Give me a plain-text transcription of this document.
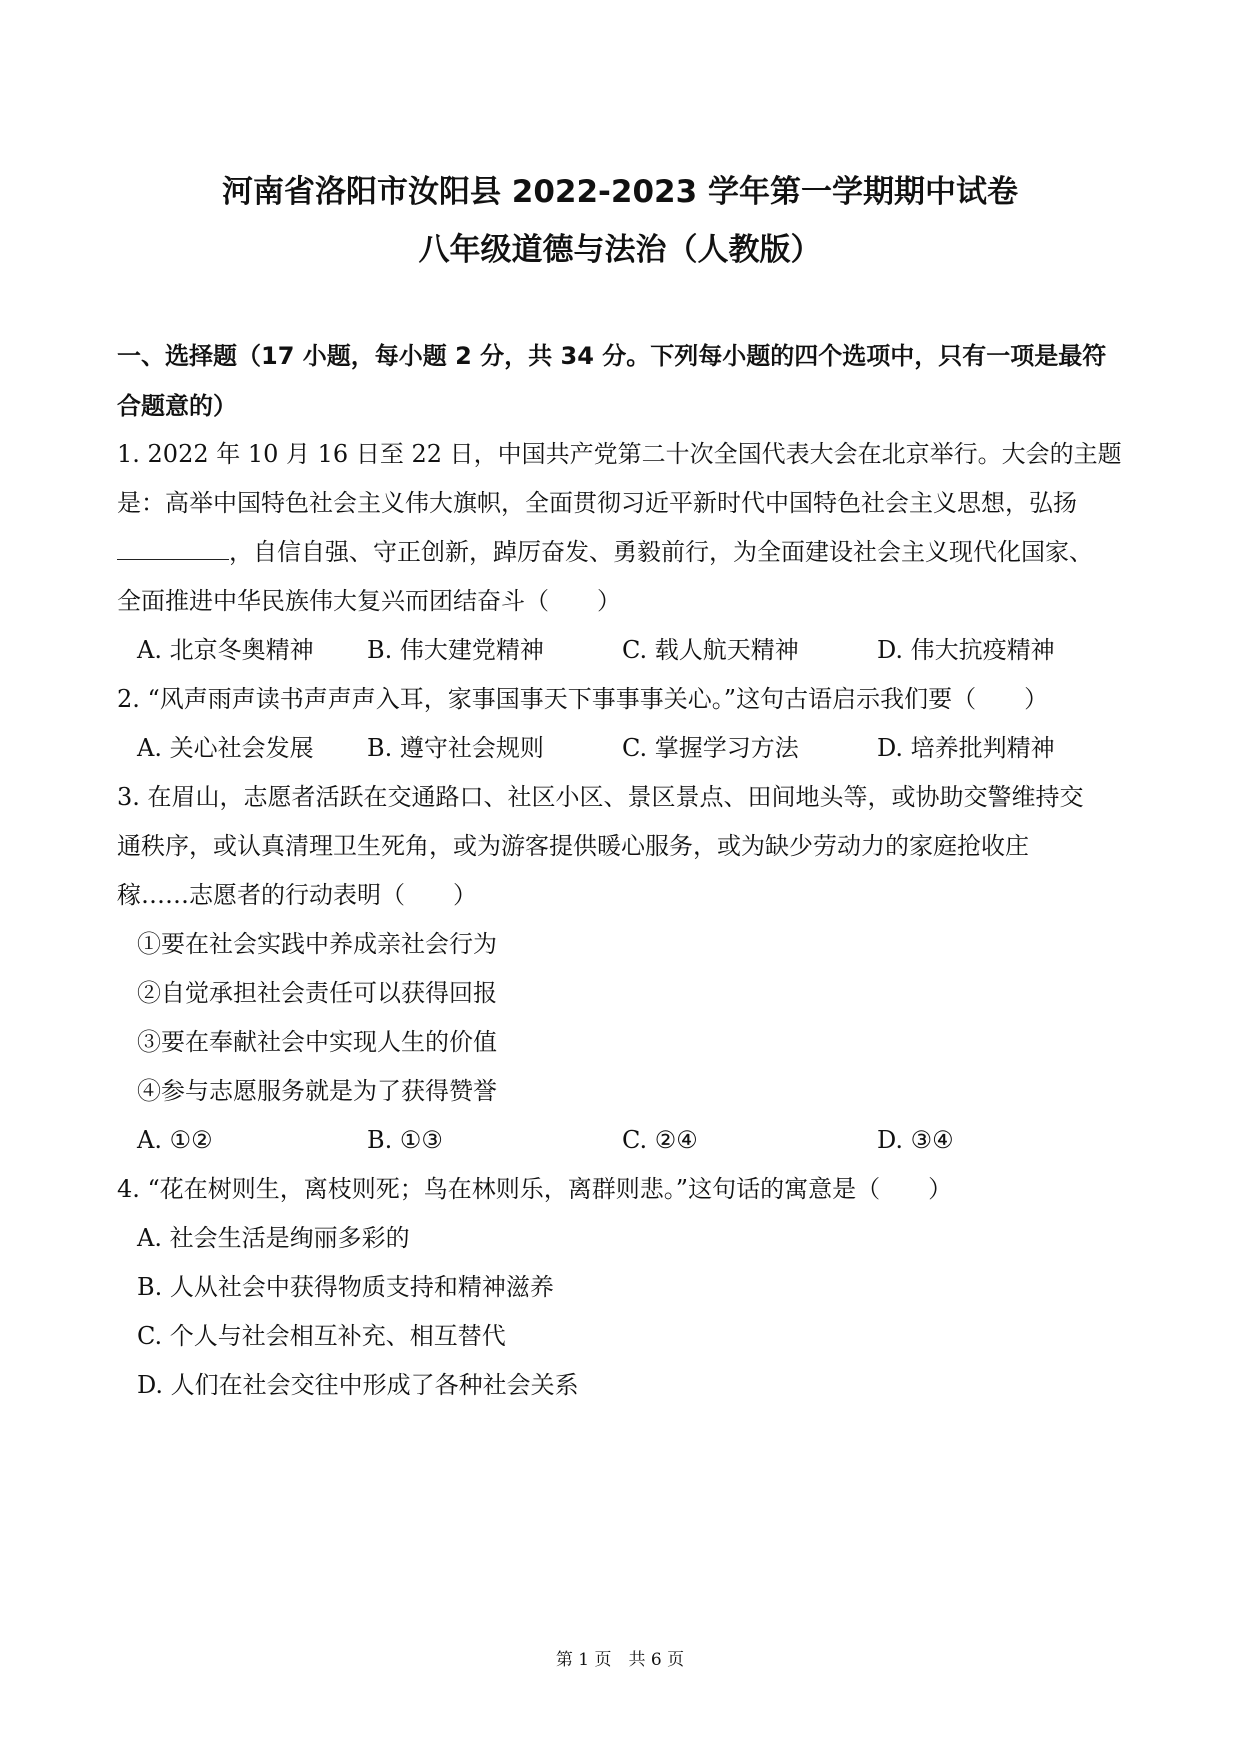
河南省洛阳市汝阳县 2022-2023 学年第一学期期中试卷
八年级道德与法治（人教版）
一、选择题（17 小题，每小题 2 分，共 34 分。下列每小题的四个选项中，只有一项是最符
合题意的）
1. 2022 年 10 月 16 日至 22 日，中国共产党第二十次全国代表大会在北京举行。大会的主题
是：高举中国特色社会主义伟大旗帜，全面贯彻习近平新时代中国特色社会主义思想，弘扬
，自信自强、守正创新，踔厉奋发、勇毅前行，为全面建设社会主义现代化国家、
全面推进中华民族伟大复兴而团结奋斗（　　）
A. 北京冬奥精神 B. 伟大建党精神	C. 载人航天精神	D. 伟大抗疫精神
2. “风声雨声读书声声声入耳，家事国事天下事事事关心。”这句古语启示我们要（　　）
A. 关心社会发展 B. 遵守社会规则	C. 掌握学习方法	D. 培养批判精神
3. 在眉山，志愿者活跃在交通路口、社区小区、景区景点、田间地头等，或协助交警维持交
通秩序，或认真清理卫生死角，或为游客提供暖心服务，或为缺少劳动力的家庭抢收庄
稼……志愿者的行动表明（　　）
①要在社会实践中养成亲社会行为
②自觉承担社会责任可以获得回报
③要在奉献社会中实现人生的价值
④参与志愿服务就是为了获得赞誉
A. ①②	B. ①③	C. ②④	D. ③④
4. “花在树则生，离枝则死；鸟在林则乐，离群则悲。”这句话的寓意是（　　）
A. 社会生活是绚丽多彩的
B. 人从社会中获得物质支持和精神滋养
C. 个人与社会相互补充、相互替代
D. 人们在社会交往中形成了各种社会关系
第 1 页　共 6 页
